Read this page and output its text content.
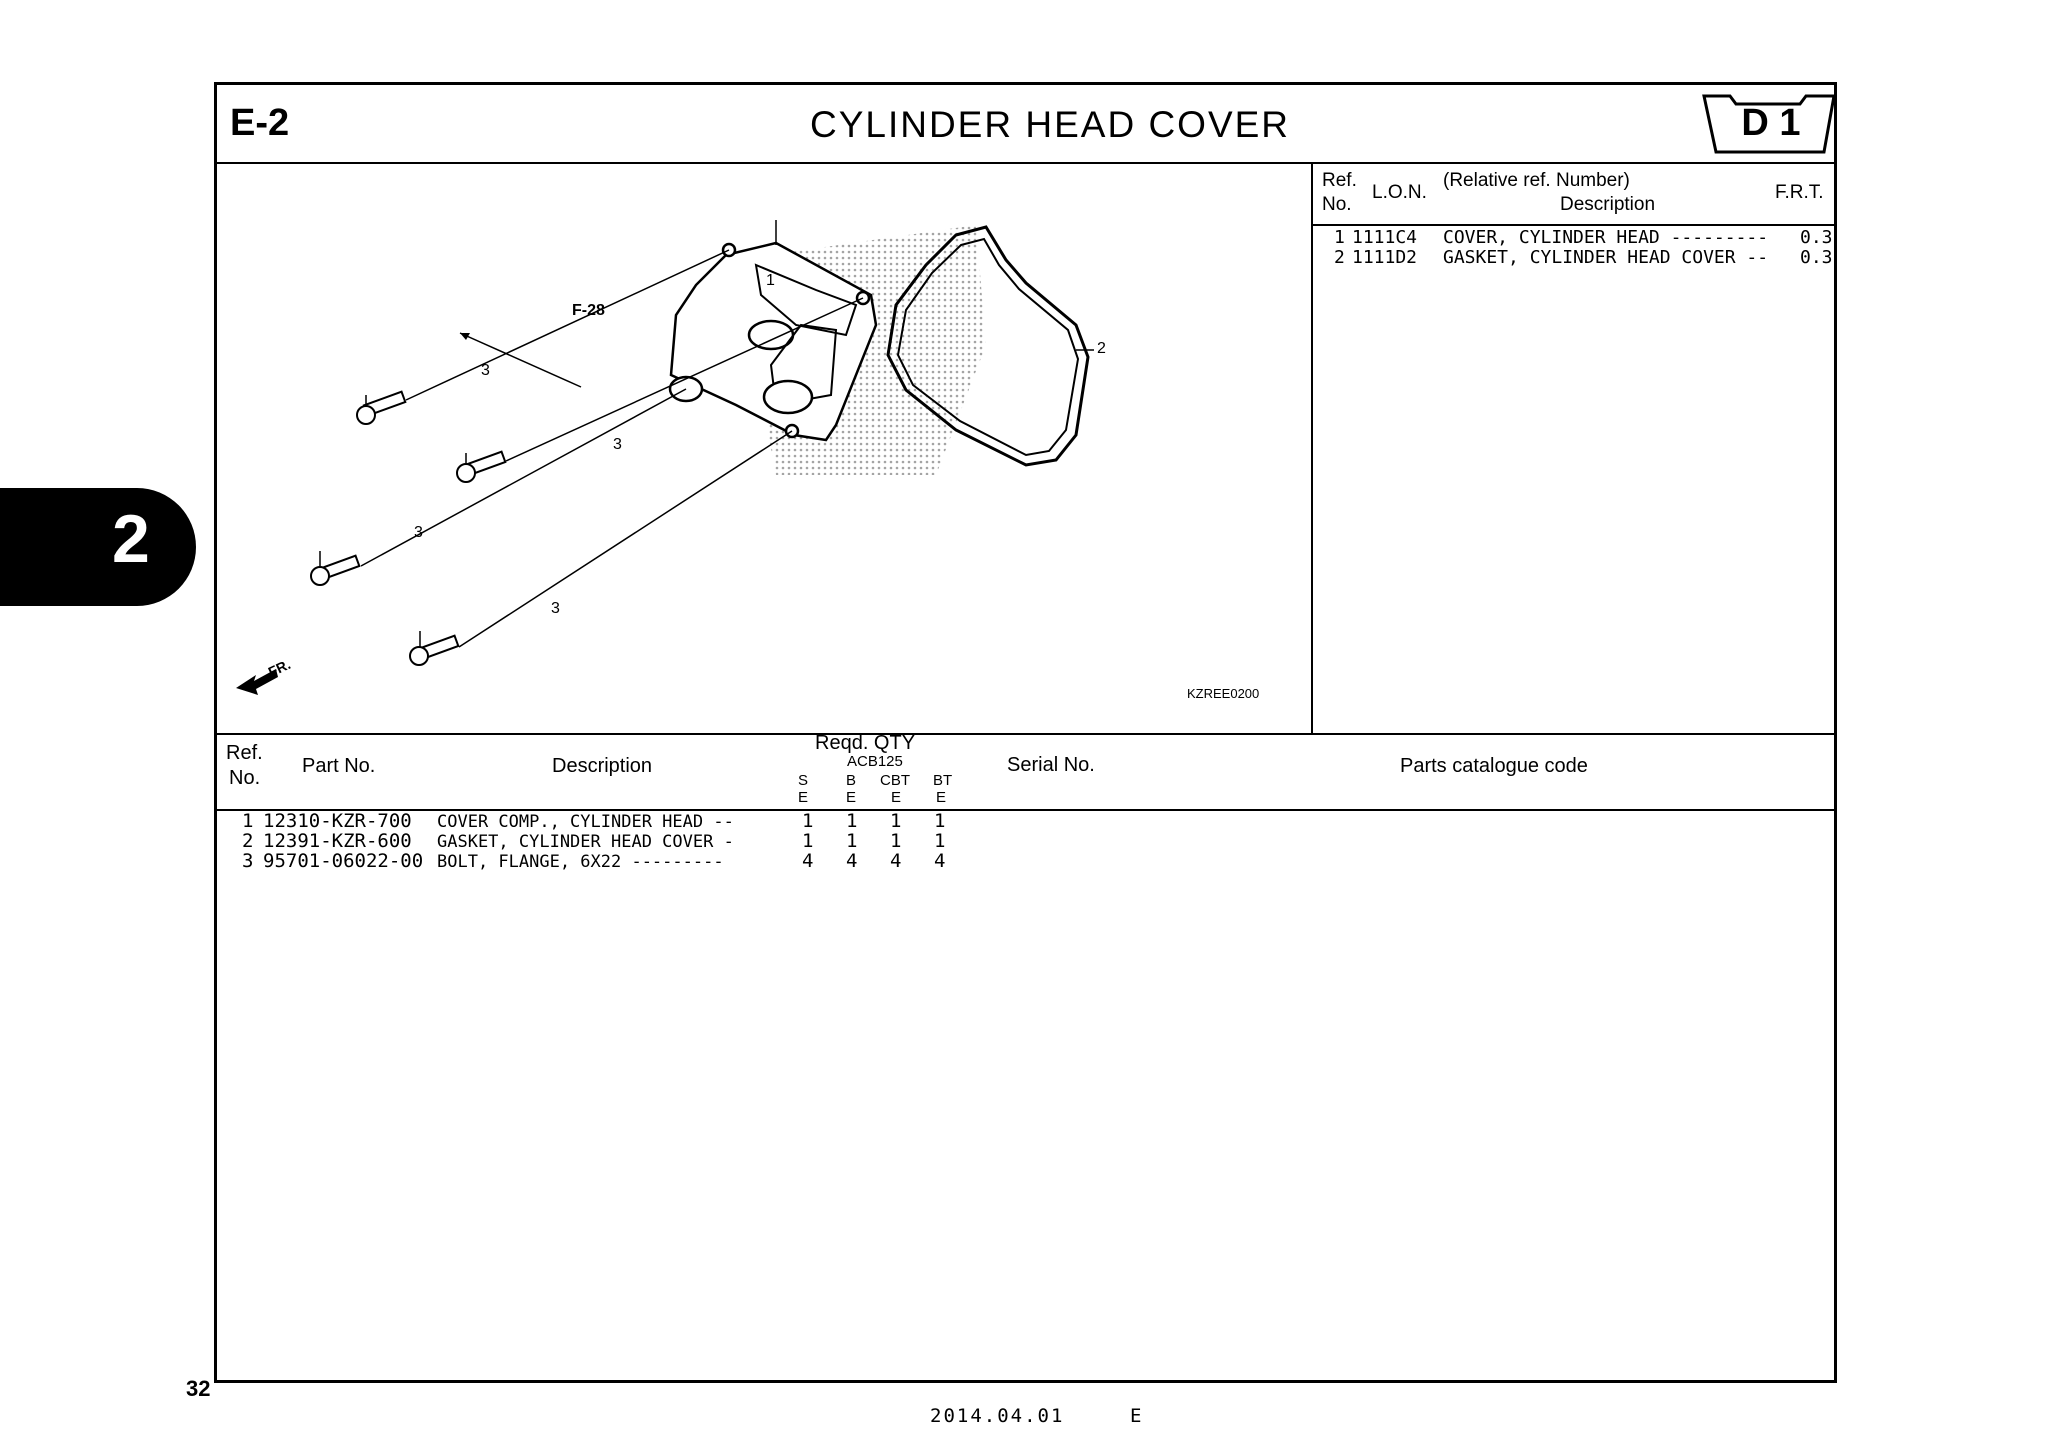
E-2	CYLINDER HEAD COVER	D 1
2
Ref.
No.
L.O.N.
(Relative ref. Number)
Description
F.R.T.
1 1111C4 COVER, CYLINDER HEAD --------- 0.3
2 1111D2 GASKET, CYLINDER HEAD COVER -- 0.3
F-28
1
2
3
3
3
3
FR.
KZREE0200
Ref.
No.
Part No.	Description
Reqd. QTY
ACB125
S
E
B
E
CBT
E
BT
E
Serial No.	Parts catalogue code
1 12310-KZR-700 COVER COMP., CYLINDER HEAD --	1 1 1 1
2 12391-KZR-600 GASKET, CYLINDER HEAD COVER -	1 1 1 1
3 95701-06022-00 BOLT, FLANGE, 6X22 ---------	4 4 4 4
32
2014.04.01	E
